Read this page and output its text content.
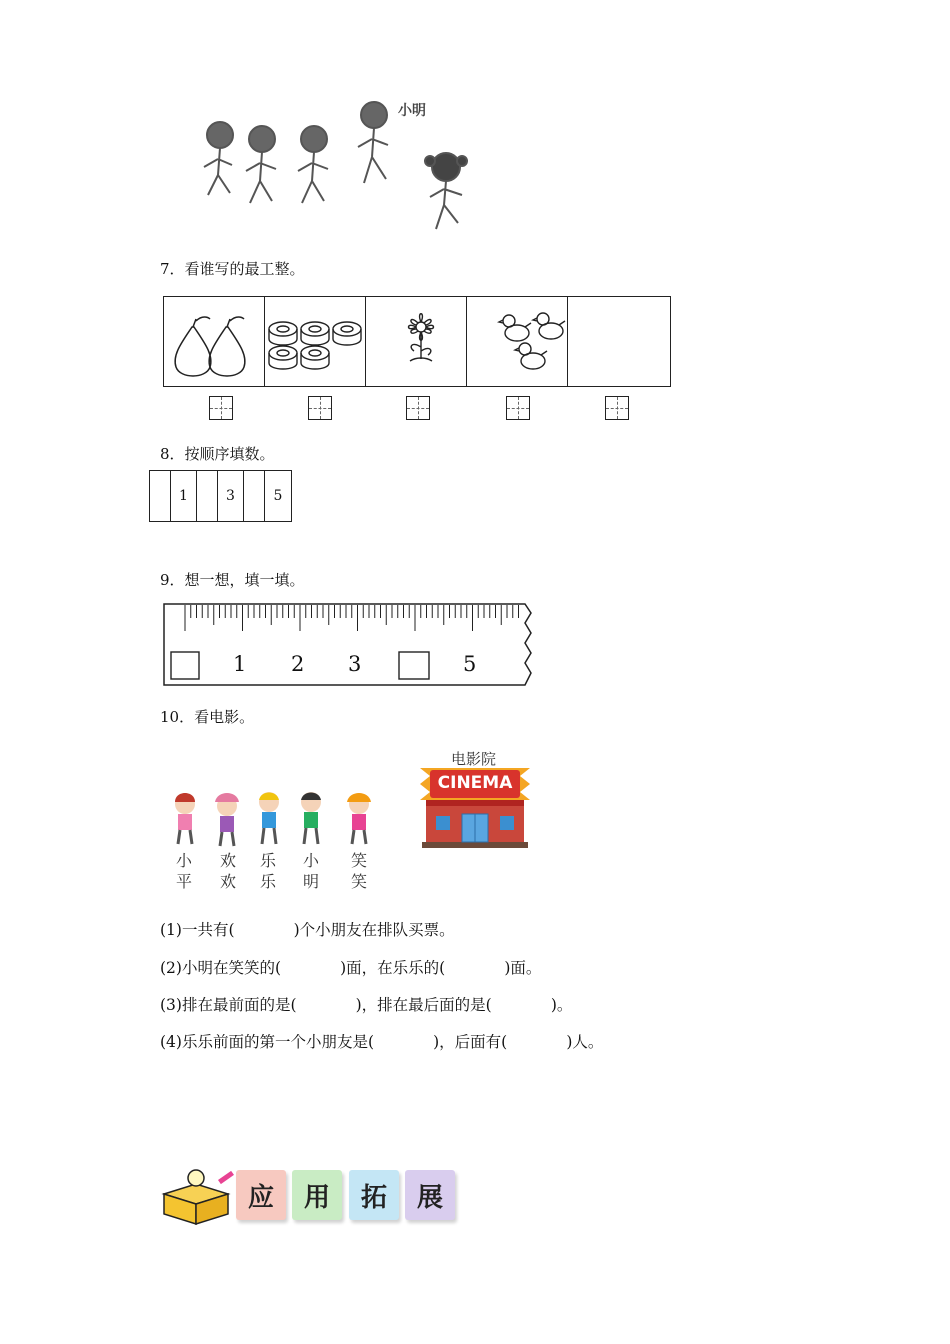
小明
7．看谁写的最工整。
8．按顺序填数。
1	3	5
9．想一想，填一填。
1 2 3	5
10．看电影。
电影院
CINEMA
小
平
欢
欢
乐
乐
小
明
笑
笑
(1)一共有(            )个小朋友在排队买票。
(2)小明在笑笑的(            )面，在乐乐的(            )面。
(3)排在最前面的是(            )，排在最后面的是(            )。
(4)乐乐前面的第一个小朋友是(            )，后面有(            )人。
应	用	拓	展
